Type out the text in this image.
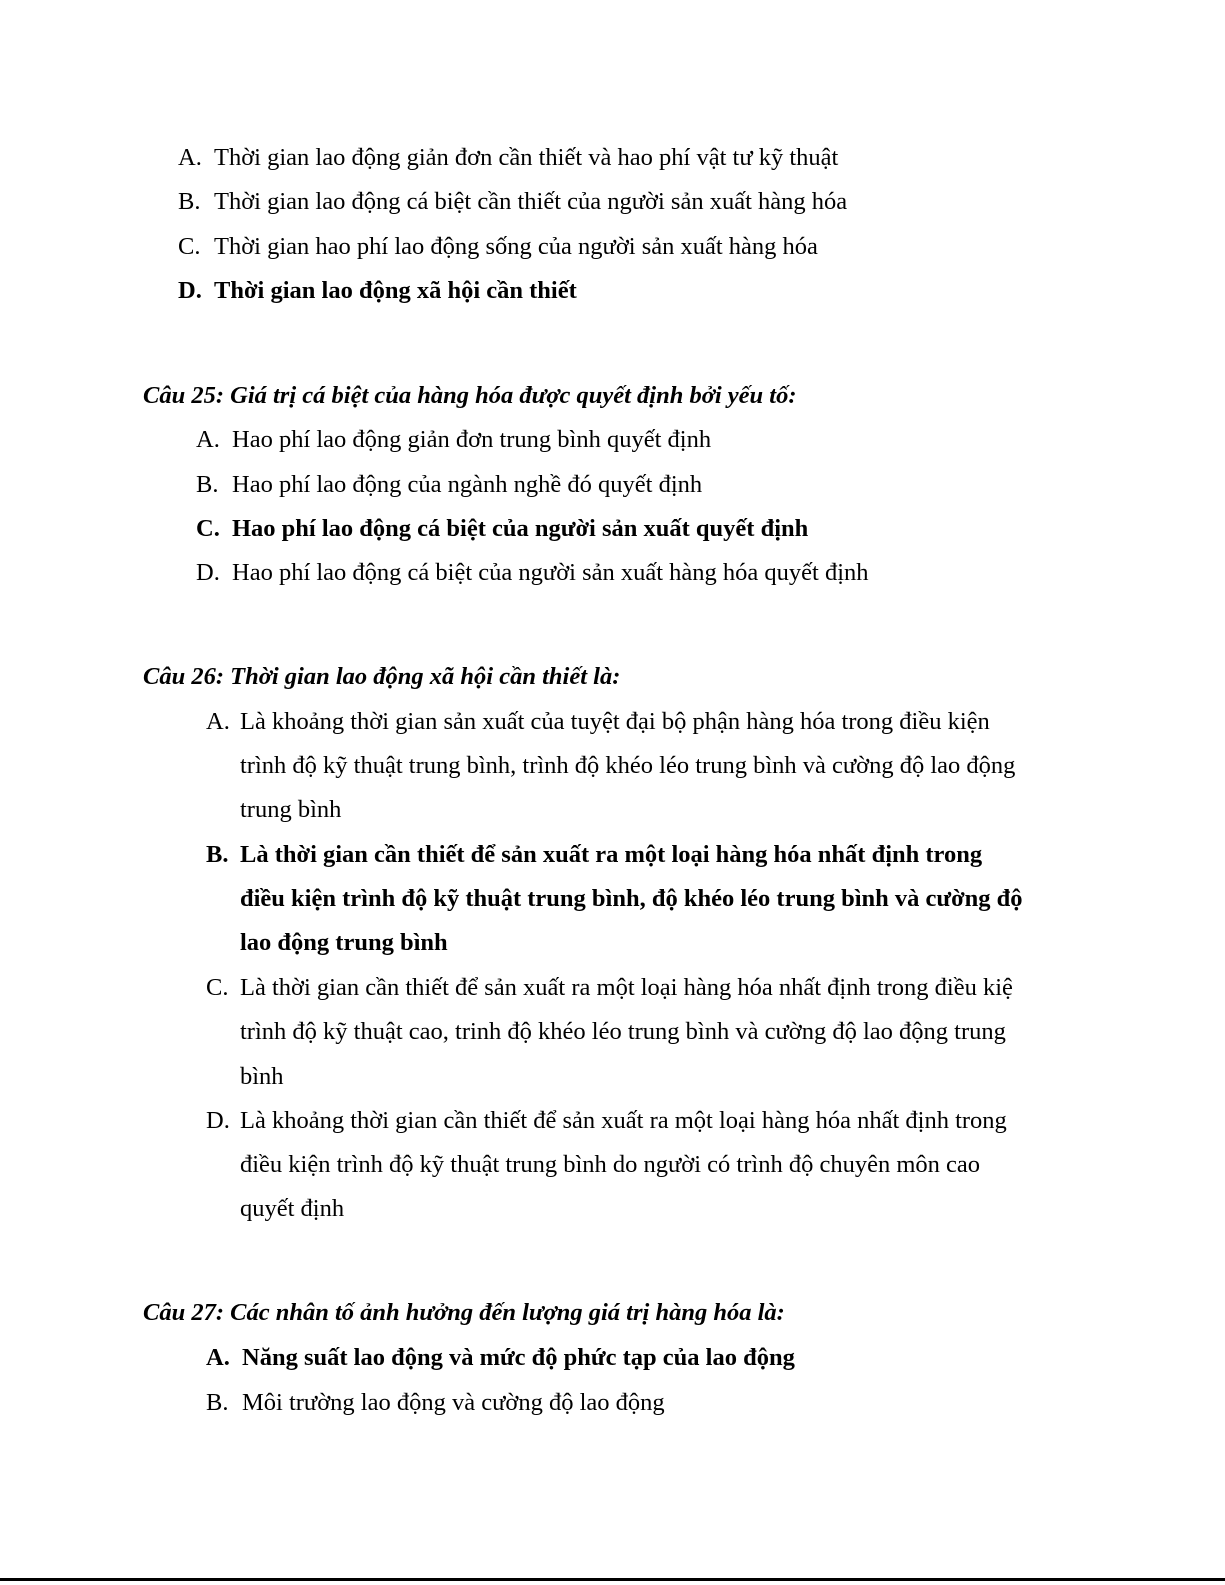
A. Thời gian lao động giản đơn cần thiết và hao phí vật tư kỹ thuật
B. Thời gian lao động cá biệt cần thiết của người sản xuất hàng hóa
C. Thời gian hao phí lao động sống của người sản xuất hàng hóa
D. Thời gian lao động xã hội cần thiết
Câu 25: Giá trị cá biệt của hàng hóa được quyết định bởi yếu tố:
A. Hao phí lao động giản đơn trung bình quyết định
B. Hao phí lao động của ngành nghề đó quyết định
C. Hao phí lao động cá biệt của người sản xuất quyết định
D. Hao phí lao động cá biệt của người sản xuất hàng hóa quyết định
Câu 26: Thời gian lao động xã hội cần thiết là:
A. Là khoảng thời gian sản xuất của tuyệt đại bộ phận hàng hóa trong điều kiện
trình độ kỹ thuật trung bình, trình độ khéo léo trung bình và cường độ lao động
trung bình
B. Là thời gian cần thiết để sản xuất ra một loại hàng hóa nhất định trong
điều kiện trình độ kỹ thuật trung bình, độ khéo léo trung bình và cường độ
lao động trung bình
C. Là thời gian cần thiết để sản xuất ra một loại hàng hóa nhất định trong điều kiệ
trình độ kỹ thuật cao, trinh độ khéo léo trung bình và cường độ lao động trung
bình
D. Là khoảng thời gian cần thiết để sản xuất ra một loại hàng hóa nhất định trong
điều kiện trình độ kỹ thuật trung bình do người có trình độ chuyên môn cao
quyết định
Câu 27: Các nhân tố ảnh hưởng đến lượng giá trị hàng hóa là:
A. Năng suất lao động và mức độ phức tạp của lao động
B. Môi trường lao động và cường độ lao động
